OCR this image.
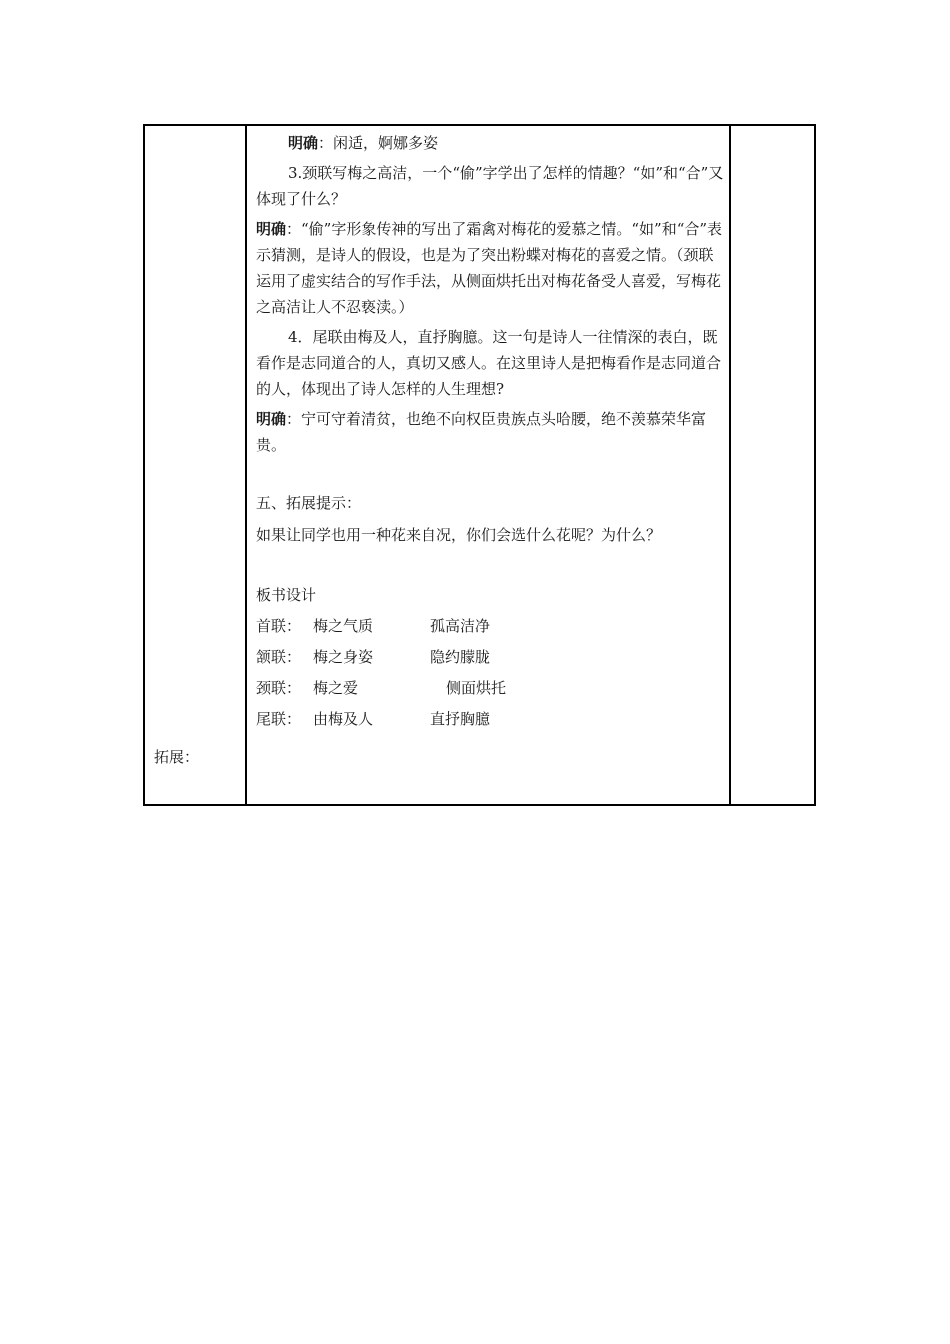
拓展：

明确：闲适，婀娜多姿

3.颈联写梅之高洁，一个“偷”字学出了怎样的情趣？“如”和“合”又体现了什么？

明确：“偷”字形象传神的写出了霜禽对梅花的爱慕之情。“如”和“合”表示猜测，是诗人的假设，也是为了突出粉蝶对梅花的喜爱之情。（颈联运用了虚实结合的写作手法，从侧面烘托出对梅花备受人喜爱，写梅花之高洁让人不忍亵渎。）

4．尾联由梅及人，直抒胸臆。这一句是诗人一往情深的表白，既看作是志同道合的人，真切又感人。在这里诗人是把梅看作是志同道合的人，体现出了诗人怎样的人生理想?

明确：宁可守着清贫，也绝不向权臣贵族点头哈腰，绝不羡慕荣华富贵。

五、拓展提示：

如果让同学也用一种花来自况，你们会选什么花呢？为什么？

板书设计

首联： 梅之气质	孤高洁净
颔联： 梅之身姿	隐约朦胧
颈联： 梅之爱	侧面烘托
尾联： 由梅及人	直抒胸臆
